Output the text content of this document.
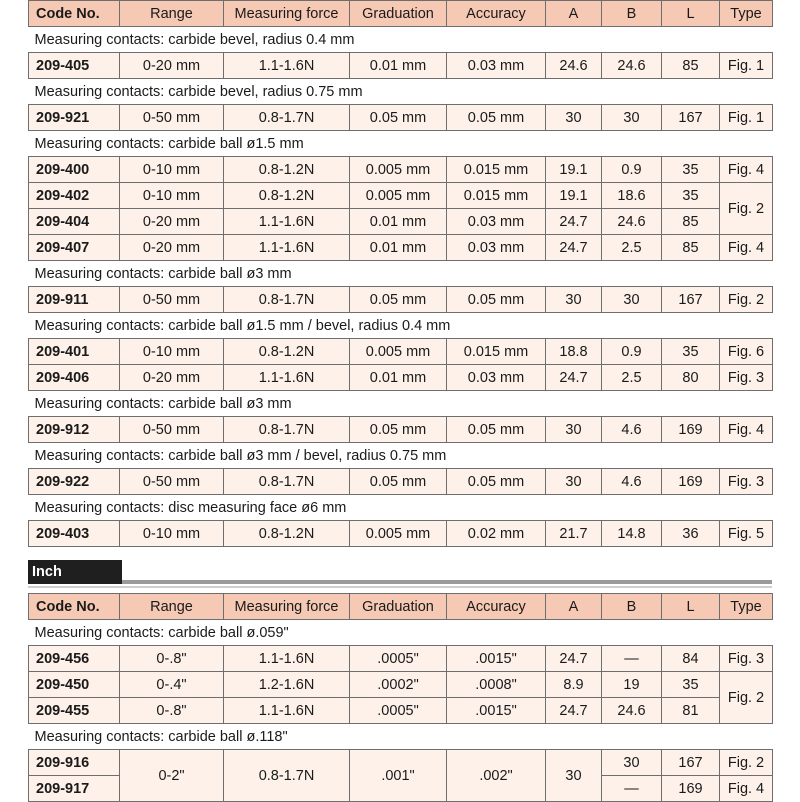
Code No.	Range	Measuring force	Graduation	Accuracy	A	B	L	Type
Measuring contacts: carbide bevel, radius 0.4 mm								
209-405	0-20 mm	1.1-1.6N	0.01 mm	0.03 mm	24.6	24.6	85	Fig. 1
Measuring contacts: carbide bevel, radius 0.75 mm								
209-921	0-50 mm	0.8-1.7N	0.05 mm	0.05 mm	30	30	167	Fig. 1
Measuring contacts: carbide ball ø1.5 mm								
209-400	0-10 mm	0.8-1.2N	0.005 mm	0.015 mm	19.1	0.9	35	Fig. 4
209-402	0-10 mm	0.8-1.2N	0.005 mm	0.015 mm	19.1	18.6	35	Fig. 2
209-404	0-20 mm	1.1-1.6N	0.01 mm	0.03 mm	24.7	24.6	85	
209-407	0-20 mm	1.1-1.6N	0.01 mm	0.03 mm	24.7	2.5	85	Fig. 4
Measuring contacts: carbide ball ø3 mm								
209-911	0-50 mm	0.8-1.7N	0.05 mm	0.05 mm	30	30	167	Fig. 2
Measuring contacts: carbide ball ø1.5 mm / bevel, radius 0.4 mm								
209-401	0-10 mm	0.8-1.2N	0.005 mm	0.015 mm	18.8	0.9	35	Fig. 6
209-406	0-20 mm	1.1-1.6N	0.01 mm	0.03 mm	24.7	2.5	80	Fig. 3
Measuring contacts: carbide ball ø3 mm								
209-912	0-50 mm	0.8-1.7N	0.05 mm	0.05 mm	30	4.6	169	Fig. 4
Measuring contacts: carbide ball ø3 mm / bevel, radius 0.75 mm								
209-922	0-50 mm	0.8-1.7N	0.05 mm	0.05 mm	30	4.6	169	Fig. 3
Measuring contacts: disc measuring face ø6 mm								
209-403	0-10 mm	0.8-1.2N	0.005 mm	0.02 mm	21.7	14.8	36	Fig. 5
Inch
Code No.	Range	Measuring force	Graduation	Accuracy	A	B	L	Type
Measuring contacts: carbide ball ø.059"								
209-456	0-.8"	1.1-1.6N	.0005"	.0015"	24.7	—	84	Fig. 3
209-450	0-.4"	1.2-1.6N	.0002"	.0008"	8.9	19	35	Fig. 2
209-455	0-.8"	1.1-1.6N	.0005"	.0015"	24.7	24.6	81	
Measuring contacts: carbide ball ø.118"								
209-916	0-2"	0.8-1.7N	.001"	.002"	30	30	167	Fig. 2
209-917						—	169	Fig. 4
